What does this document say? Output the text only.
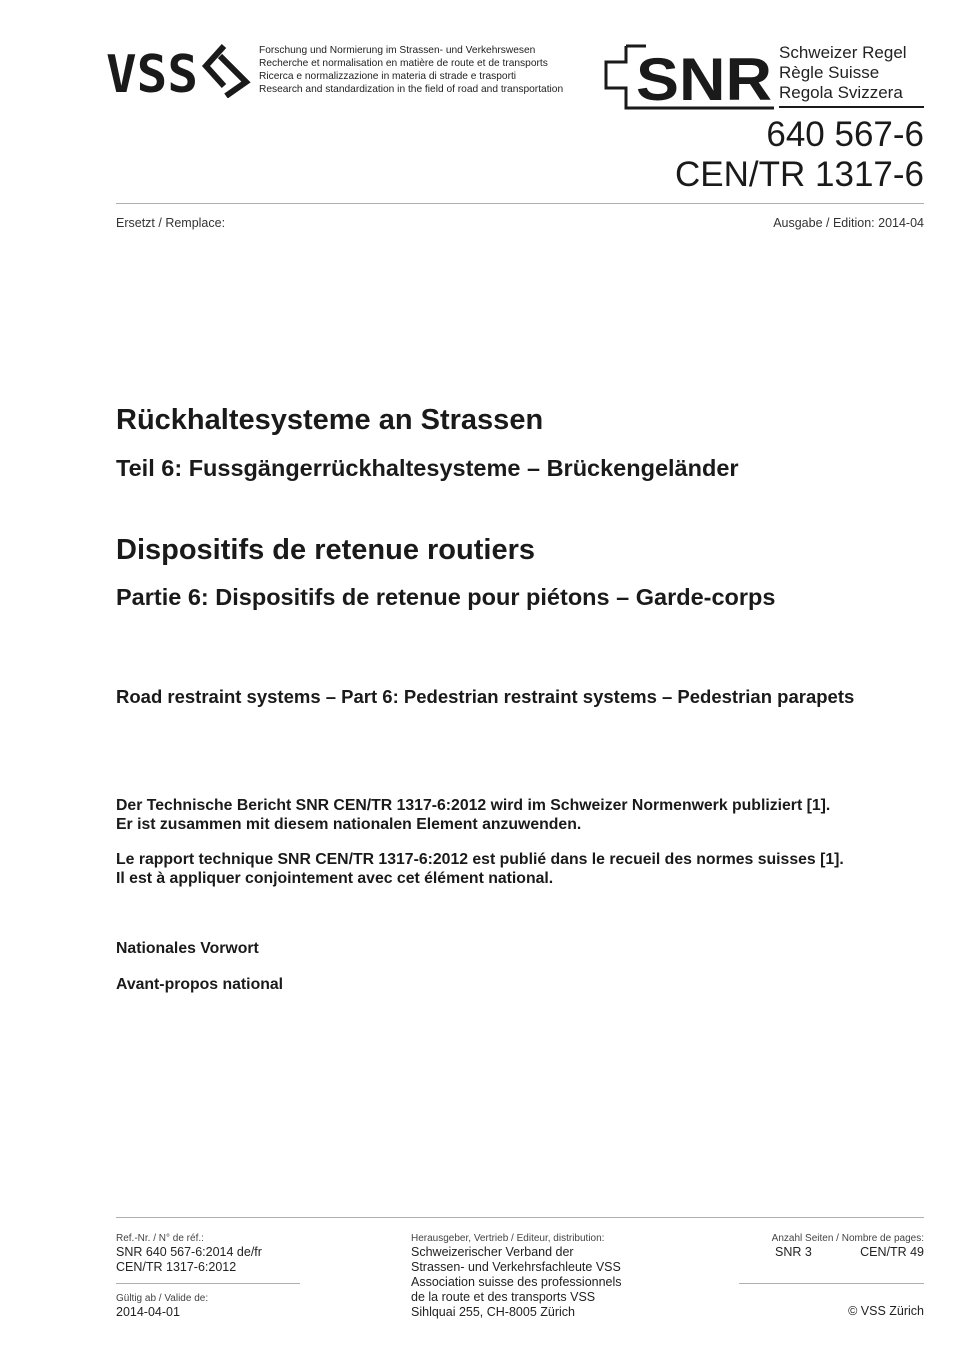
VSS	Forschung und Normierung im Strassen- und Verkehrswesen
Recherche et normalisation en matière de route et de transports
Ricerca e normalizzazione in materia di strade e trasporti
Research and standardization in the field of road and transportation SNR Schweizer Regel
Règle Suisse
Regola Svizzera
640 567-6
CEN/TR 1317-6
Ersetzt / Remplace:	Ausgabe / Edition: 2014-04
Rückhaltesysteme an Strassen
Teil 6: Fussgängerrückhaltesysteme – Brückengeländer
Dispositifs de retenue routiers
Partie 6: Dispositifs de retenue pour piétons – Garde-corps
Road restraint systems – Part 6: Pedestrian restraint systems – Pedestrian parapets
Der Technische Bericht SNR CEN/TR 1317-6:2012 wird im Schweizer Normenwerk publiziert [1].
Er ist zusammen mit diesem nationalen Element anzuwenden.
Le rapport technique SNR CEN/TR 1317-6:2012 est publié dans le recueil des normes suisses [1].
Il est à appliquer conjointement avec cet élément national.
Nationales Vorwort
Avant-propos national
Ref.-Nr. / N° de réf.:
SNR 640 567-6:2014 de/fr
CEN/TR 1317-6:2012
Gültig ab / Valide de:
2014-04-01
Herausgeber, Vertrieb / Editeur, distribution:
Schweizerischer Verband der
Strassen- und Verkehrsfachleute VSS
Association suisse des professionnels
de la route et des transports VSS
Sihlquai 255, CH-8005 Zürich
Anzahl Seiten / Nombre de pages:
SNR 3	CEN/TR 49
© VSS Zürich
